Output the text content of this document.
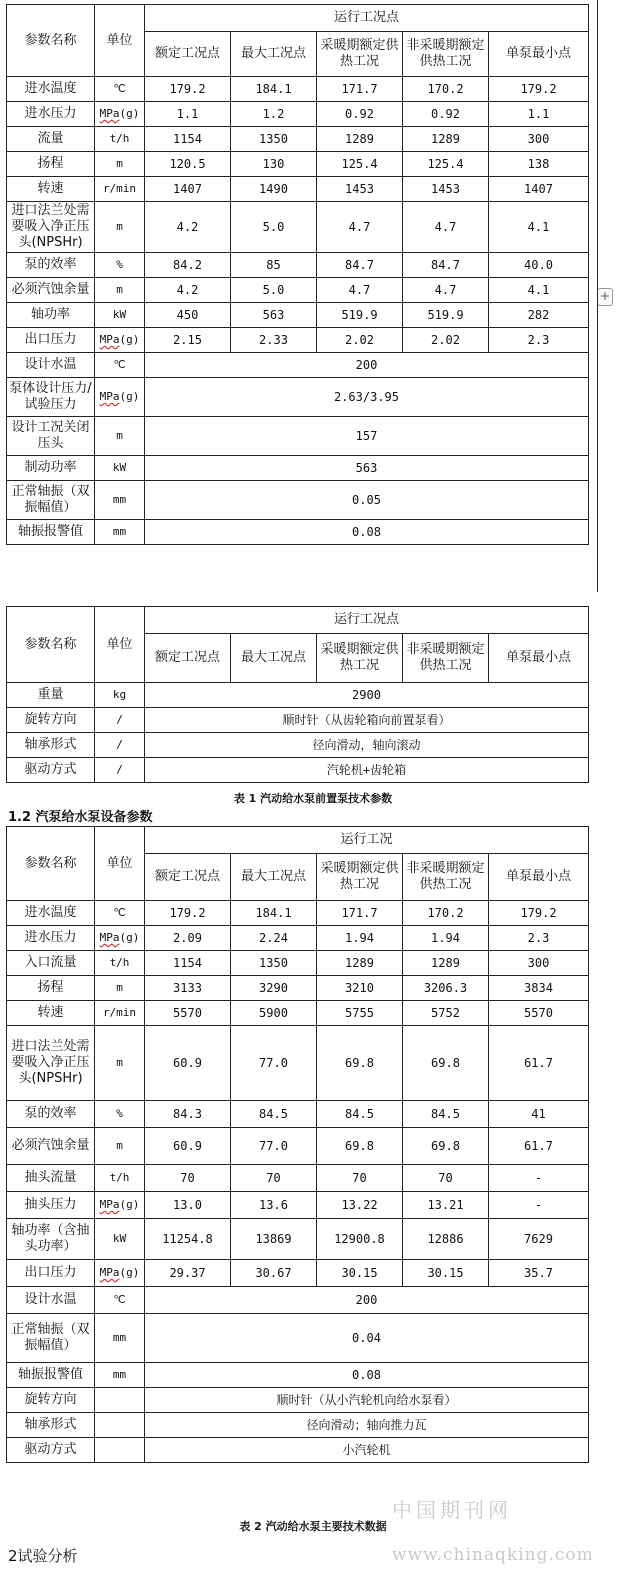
参数名称	单位	运行工况点				
		额定工况点	最大工况点	采暖期额定供热工况	非采暖期额定供热工况	单泵最小点
进水温度	℃	179.2	184.1	171.7	170.2	179.2
进水压力	MPa(g)	1.1	1.2	0.92	0.92	1.1
流量	t/h	1154	1350	1289	1289	300
扬程	m	120.5	130	125.4	125.4	138
转速	r/min	1407	1490	1453	1453	1407
进口法兰处需要吸入净正压头(NPSHr)	m	4.2	5.0	4.7	4.7	4.1
泵的效率	%	84.2	85	84.7	84.7	40.0
必须汽蚀余量	m	4.2	5.0	4.7	4.7	4.1
轴功率	kW	450	563	519.9	519.9	282
出口压力	MPa(g)	2.15	2.33	2.02	2.02	2.3
设计水温	℃	200				
泵体设计压力/试验压力	MPa(g)	2.63/3.95				
设计工况关闭压头	m	157				
制动功率	kW	563				
正常轴振（双振幅值）	mm	0.05				
轴振报警值	mm	0.08				
+
参数名称	单位	运行工况点				
		额定工况点	最大工况点	采暖期额定供热工况	非采暖期额定供热工况	单泵最小点
重量	kg	2900				
旋转方向	/	顺时针（从齿轮箱向前置泵看）				
轴承形式	/	径向滑动，轴向滚动				
驱动方式	/	汽轮机+齿轮箱				
表 1 汽动给水泵前置泵技术参数
1.2 汽泵给水泵设备参数
参数名称	单位	运行工况				
		额定工况点	最大工况点	采暖期额定供热工况	非采暖期额定供热工况	单泵最小点
进水温度	℃	179.2	184.1	171.7	170.2	179.2
进水压力	MPa(g)	2.09	2.24	1.94	1.94	2.3
入口流量	t/h	1154	1350	1289	1289	300
扬程	m	3133	3290	3210	3206.3	3834
转速	r/min	5570	5900	5755	5752	5570
进口法兰处需要吸入净正压头(NPSHr)	m	60.9	77.0	69.8	69.8	61.7
泵的效率	%	84.3	84.5	84.5	84.5	41
必须汽蚀余量	m	60.9	77.0	69.8	69.8	61.7
抽头流量	t/h	70	70	70	70	-
抽头压力	MPa(g)	13.0	13.6	13.22	13.21	-
轴功率（含抽头功率）	kW	11254.8	13869	12900.8	12886	7629
出口压力	MPa(g)	29.37	30.67	30.15	30.15	35.7
设计水温	℃	200				
正常轴振（双振幅值）	mm	0.04				
轴振报警值	mm	0.08				
旋转方向		顺时针（从小汽轮机向给水泵看）				
轴承形式		径向滑动；轴向推力瓦				
驱动方式		小汽轮机				
表 2 汽动给水泵主要技术数据
2试验分析
中国期刊网
www.chinaqking.com
